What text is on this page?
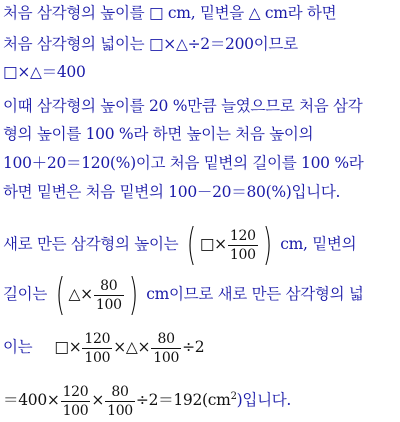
처음 삼각형의 높이를 □ cm, 밑변을 △ cm라 하면
처음 삼각형의 넓이는 □×△÷2＝200이므로
□×△＝400
이때 삼각형의 높이를 20 %만큼 늘였으므로 처음 삼각
형의 높이를 100 %라 하면 높이는 처음 높이의
100＋20＝120(%)이고 처음 밑변의 길이를 100 %라
하면 밑변은 처음 밑변의 100－20＝80(%)입니다.
새로 만든 삼각형의 높이는 ( □× $\frac{120}{100}$ ) cm, 밑변의
길이는 ( △× $\frac{80}{100}$ ) cm이므로 새로 만든 삼각형의 넓
이는 □× $\frac{120}{100}$ ×△× $\frac{80}{100} \div 2$
$=400\times \frac{120}{100} \times \frac{80}{100} \div 2=192(cm^2)$입니다.
